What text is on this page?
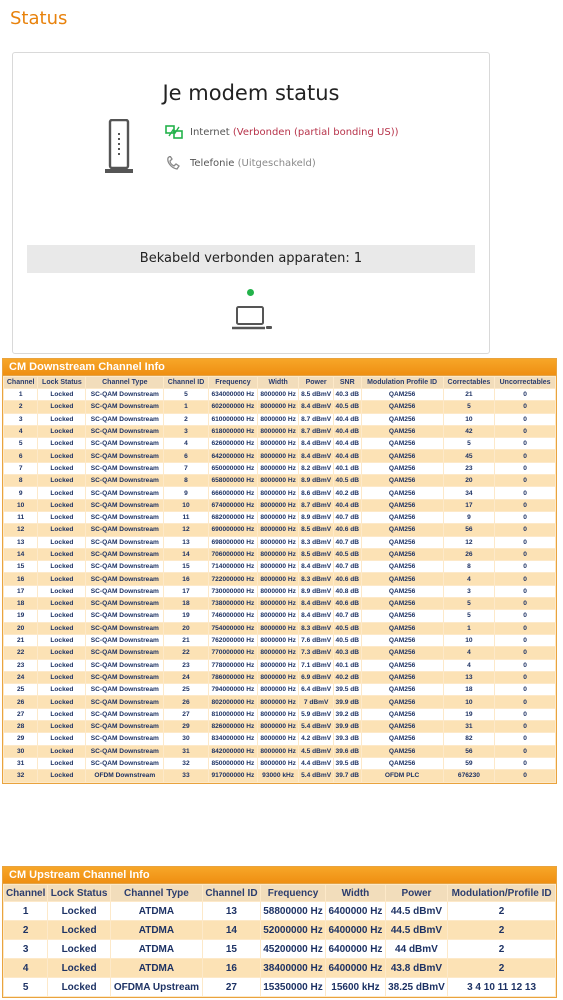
Status
Je modem status
Internet (Verbonden (partial bonding US))
Telefonie (Uitgeschakeld)
Bekabeld verbonden apparaten: 1
CM Downstream Channel Info
Channel	Lock Status	Channel Type	Channel ID	Frequency	Width	Power	SNR	Modulation Profile ID	Correctables	Uncorrectables
1	Locked	SC-QAM Downstream	5	634000000 Hz	8000000 Hz	8.5 dBmV	40.3 dB	QAM256	21	0
2	Locked	SC-QAM Downstream	1	602000000 Hz	8000000 Hz	8.4 dBmV	40.5 dB	QAM256	5	0
3	Locked	SC-QAM Downstream	2	610000000 Hz	8000000 Hz	8.7 dBmV	40.4 dB	QAM256	10	0
4	Locked	SC-QAM Downstream	3	618000000 Hz	8000000 Hz	8.7 dBmV	40.4 dB	QAM256	42	0
5	Locked	SC-QAM Downstream	4	626000000 Hz	8000000 Hz	8.4 dBmV	40.4 dB	QAM256	5	0
6	Locked	SC-QAM Downstream	6	642000000 Hz	8000000 Hz	8.4 dBmV	40.4 dB	QAM256	45	0
7	Locked	SC-QAM Downstream	7	650000000 Hz	8000000 Hz	8.2 dBmV	40.1 dB	QAM256	23	0
8	Locked	SC-QAM Downstream	8	658000000 Hz	8000000 Hz	8.9 dBmV	40.5 dB	QAM256	20	0
9	Locked	SC-QAM Downstream	9	666000000 Hz	8000000 Hz	8.6 dBmV	40.2 dB	QAM256	34	0
10	Locked	SC-QAM Downstream	10	674000000 Hz	8000000 Hz	8.7 dBmV	40.4 dB	QAM256	17	0
11	Locked	SC-QAM Downstream	11	682000000 Hz	8000000 Hz	8.9 dBmV	40.7 dB	QAM256	9	0
12	Locked	SC-QAM Downstream	12	690000000 Hz	8000000 Hz	8.5 dBmV	40.6 dB	QAM256	56	0
13	Locked	SC-QAM Downstream	13	698000000 Hz	8000000 Hz	8.3 dBmV	40.7 dB	QAM256	12	0
14	Locked	SC-QAM Downstream	14	706000000 Hz	8000000 Hz	8.5 dBmV	40.5 dB	QAM256	26	0
15	Locked	SC-QAM Downstream	15	714000000 Hz	8000000 Hz	8.4 dBmV	40.7 dB	QAM256	8	0
16	Locked	SC-QAM Downstream	16	722000000 Hz	8000000 Hz	8.3 dBmV	40.6 dB	QAM256	4	0
17	Locked	SC-QAM Downstream	17	730000000 Hz	8000000 Hz	8.9 dBmV	40.8 dB	QAM256	3	0
18	Locked	SC-QAM Downstream	18	738000000 Hz	8000000 Hz	8.4 dBmV	40.6 dB	QAM256	5	0
19	Locked	SC-QAM Downstream	19	746000000 Hz	8000000 Hz	8.4 dBmV	40.7 dB	QAM256	5	0
20	Locked	SC-QAM Downstream	20	754000000 Hz	8000000 Hz	8.3 dBmV	40.5 dB	QAM256	1	0
21	Locked	SC-QAM Downstream	21	762000000 Hz	8000000 Hz	7.6 dBmV	40.5 dB	QAM256	10	0
22	Locked	SC-QAM Downstream	22	770000000 Hz	8000000 Hz	7.3 dBmV	40.3 dB	QAM256	4	0
23	Locked	SC-QAM Downstream	23	778000000 Hz	8000000 Hz	7.1 dBmV	40.1 dB	QAM256	4	0
24	Locked	SC-QAM Downstream	24	786000000 Hz	8000000 Hz	6.9 dBmV	40.2 dB	QAM256	13	0
25	Locked	SC-QAM Downstream	25	794000000 Hz	8000000 Hz	6.4 dBmV	39.5 dB	QAM256	18	0
26	Locked	SC-QAM Downstream	26	802000000 Hz	8000000 Hz	7 dBmV	39.9 dB	QAM256	10	0
27	Locked	SC-QAM Downstream	27	810000000 Hz	8000000 Hz	5.9 dBmV	39.2 dB	QAM256	19	0
28	Locked	SC-QAM Downstream	29	826000000 Hz	8000000 Hz	5.4 dBmV	39.9 dB	QAM256	31	0
29	Locked	SC-QAM Downstream	30	834000000 Hz	8000000 Hz	4.2 dBmV	39.3 dB	QAM256	82	0
30	Locked	SC-QAM Downstream	31	842000000 Hz	8000000 Hz	4.5 dBmV	39.6 dB	QAM256	56	0
31	Locked	SC-QAM Downstream	32	850000000 Hz	8000000 Hz	4.4 dBmV	39.5 dB	QAM256	59	0
32	Locked	OFDM Downstream	33	917000000 Hz	93000 kHz	5.4 dBmV	39.7 dB	OFDM PLC	676230	0
CM Upstream Channel Info
Channel	Lock Status	Channel Type	Channel ID	Frequency	Width	Power	Modulation/Profile ID
1	Locked	ATDMA	13	58800000 Hz	6400000 Hz	44.5 dBmV	2
2	Locked	ATDMA	14	52000000 Hz	6400000 Hz	44.5 dBmV	2
3	Locked	ATDMA	15	45200000 Hz	6400000 Hz	44 dBmV	2
4	Locked	ATDMA	16	38400000 Hz	6400000 Hz	43.8 dBmV	2
5	Locked	OFDMA Upstream	27	15350000 Hz	15600 kHz	38.25 dBmV	3 4 10 11 12 13
